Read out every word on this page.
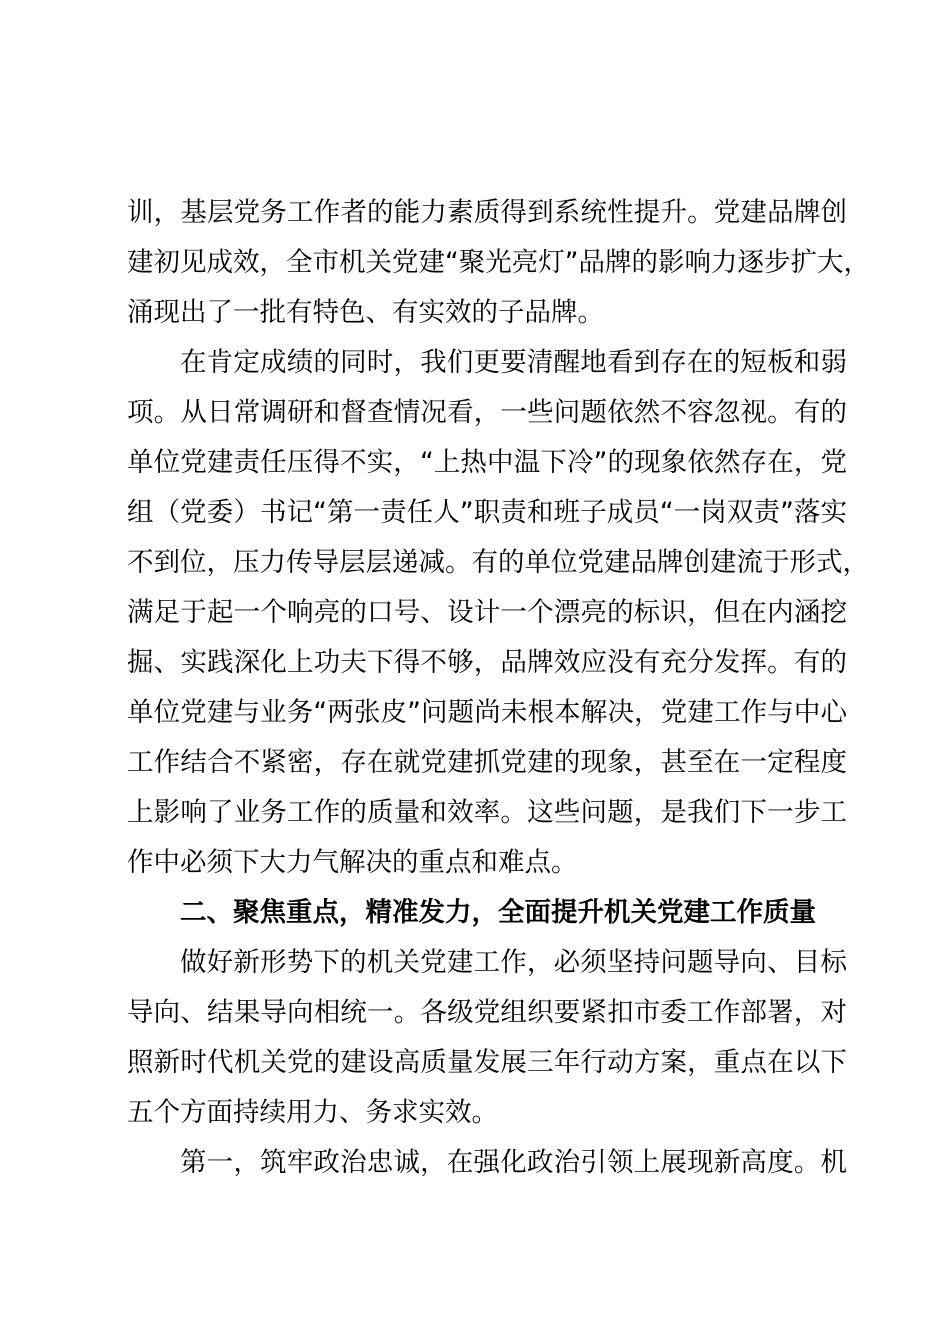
训，基层党务工作者的能力素质得到系统性提升。党建品牌创
建初见成效，全市机关党建“聚光亮灯”品牌的影响力逐步扩大，
涌现出了一批有特色、有实效的子品牌。
在肯定成绩的同时，我们更要清醒地看到存在的短板和弱
项。从日常调研和督查情况看，一些问题依然不容忽视。有的
单位党建责任压得不实，“上热中温下冷”的现象依然存在，党
组（党委）书记“第一责任人”职责和班子成员“一岗双责”落实
不到位，压力传导层层递减。有的单位党建品牌创建流于形式，
满足于起一个响亮的口号、设计一个漂亮的标识，但在内涵挖
掘、实践深化上功夫下得不够，品牌效应没有充分发挥。有的
单位党建与业务“两张皮”问题尚未根本解决，党建工作与中心
工作结合不紧密，存在就党建抓党建的现象，甚至在一定程度
上影响了业务工作的质量和效率。这些问题，是我们下一步工
作中必须下大力气解决的重点和难点。
二、聚焦重点，精准发力，全面提升机关党建工作质量
做好新形势下的机关党建工作，必须坚持问题导向、目标
导向、结果导向相统一。各级党组织要紧扣市委工作部署，对
照新时代机关党的建设高质量发展三年行动方案，重点在以下
五个方面持续用力、务求实效。
第一，筑牢政治忠诚，在强化政治引领上展现新高度。机
